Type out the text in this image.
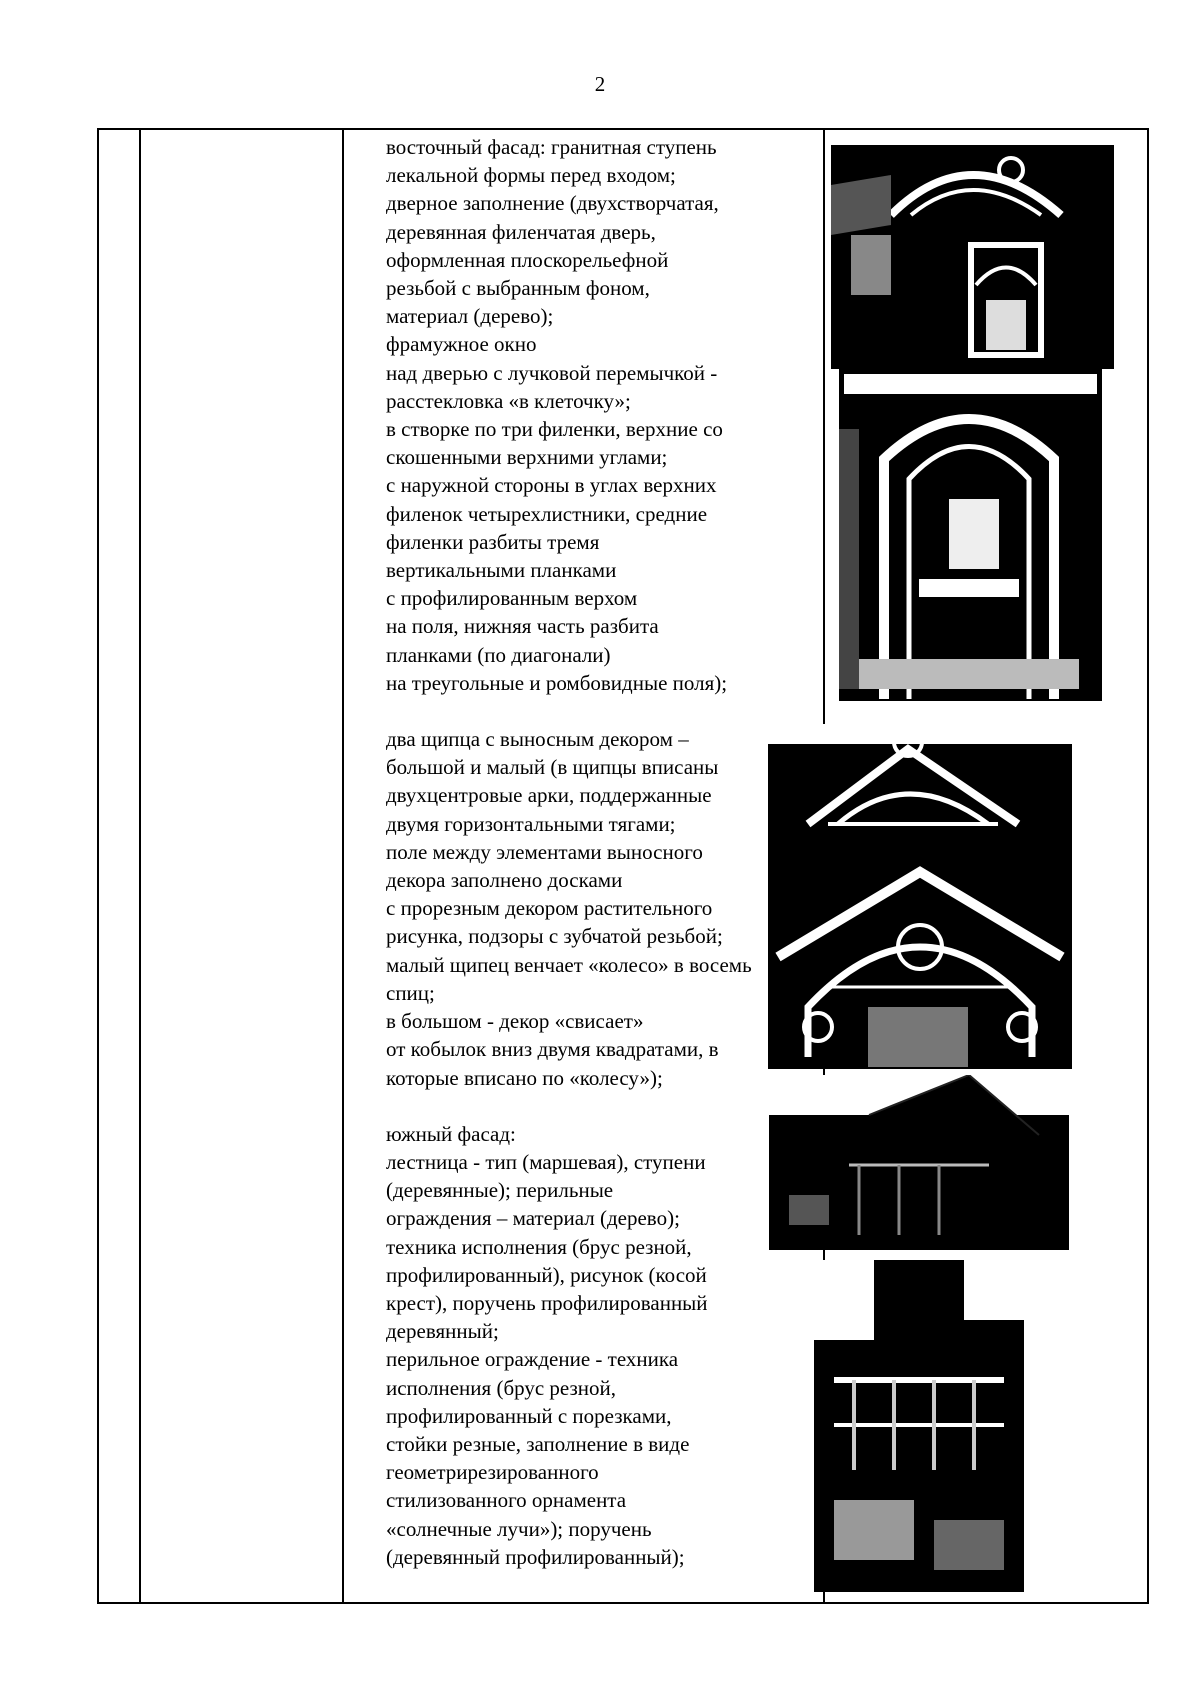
2

восточный фасад: гранитная ступень

лекальной формы перед входом;

дверное заполнение (двухстворчатая,

деревянная филенчатая дверь,

оформленная плоскорельефной

резьбой с выбранным фоном,

материал (дерево);

фрамужное окно

над дверью с лучковой перемычкой -

расстекловка «в клеточку»;

в створке по три филенки, верхние со

скошенными верхними углами;

с наружной стороны в углах верхних

филенок четырехлистники, средние

филенки разбиты тремя

вертикальными планками

с профилированным верхом

на поля, нижняя часть разбита

планками (по диагонали)

на треугольные и ромбовидные поля);

два щипца с выносным декором –

большой и малый (в щипцы вписаны

двухцентровые арки, поддержанные

двумя горизонтальными тягами;

поле между элементами выносного

декора заполнено досками

с прорезным декором растительного

рисунка, подзоры с зубчатой резьбой;

малый щипец венчает «колесо» в восемь

спиц;

в большом - декор «свисает»

от кобылок вниз двумя квадратами, в

которые вписано по «колесу»);

южный фасад:

лестница - тип (маршевая), ступени

(деревянные); перильные

ограждения – материал (дерево);

техника исполнения (брус резной,

профилированный), рисунок (косой

крест), поручень профилированный

деревянный;

перильное ограждение - техника

исполнения (брус резной,

профилированный с порезками,

стойки резные, заполнение в виде

геометрирезированного

стилизованного орнамента

«солнечные лучи»); поручень

(деревянный профилированный);
